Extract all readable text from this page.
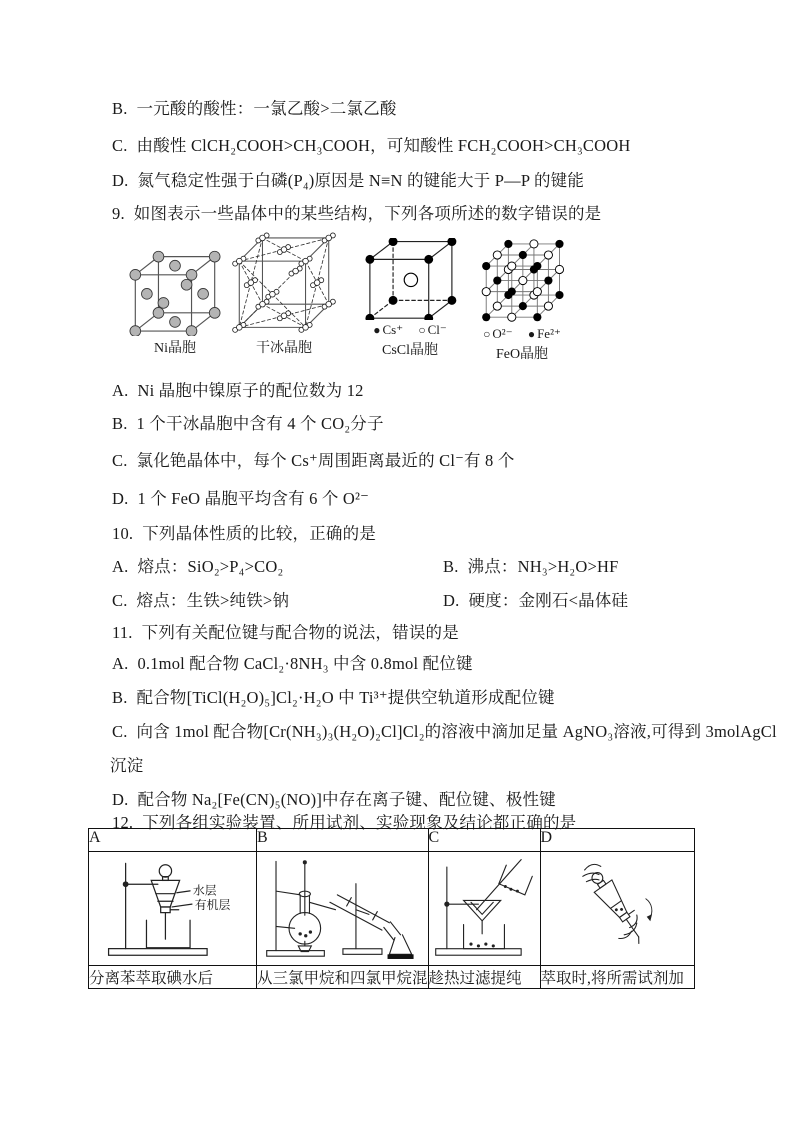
B. 一元酸的酸性：一氯乙酸>二氯乙酸
C. 由酸性 ClCH₂COOH>CH₃COOH，可知酸性 FCH₂COOH>CH₃COOH
D. 氮气稳定性强于白磷(P₄)原因是 N≡N 的键能大于 P—P 的键能
9. 如图表示一些晶体中的某些结构，下列各项所述的数字错误的是
Ni晶胞	干冰晶胞
● Cs⁺ ○ Cl⁻
CsCl晶胞
○ O²⁻ ● Fe²⁺
FeO晶胞
A. Ni 晶胞中镍原子的配位数为 12
B. 1 个干冰晶胞中含有 4 个 CO₂分子
C. 氯化铯晶体中，每个 Cs⁺周围距离最近的 Cl⁻有 8 个
D. 1 个 FeO 晶胞平均含有 6 个 O²⁻
10. 下列晶体性质的比较，正确的是
A. 熔点：SiO₂>P₄>CO₂	B. 沸点：NH₃>H₂O>HF
C. 熔点：生铁>纯铁>钠	D. 硬度：金刚石<晶体硅
11. 下列有关配位键与配合物的说法，错误的是
A. 0.1mol 配合物 CaCl₂·8NH₃ 中含 0.8mol 配位键
B. 配合物[TiCl(H₂O)₅]Cl₂·H₂O 中 Ti³⁺提供空轨道形成配位键
C. 向含 1mol 配合物[Cr(NH₃)₃(H₂O)₂Cl]Cl₂的溶液中滴加足量 AgNO₃溶液,可得到 3molAgCl
沉淀
D. 配合物 Na₂[Fe(CN)₅(NO)]中存在离子键、配位键、极性键
12. 下列各组实验装置、所用试剂、实验现象及结论都正确的是
A	B	C	D

水层
有机层

分离苯萃取碘水后	从三氯甲烷和四氯甲烷混	趁热过滤提纯	萃取时,将所需试剂加
